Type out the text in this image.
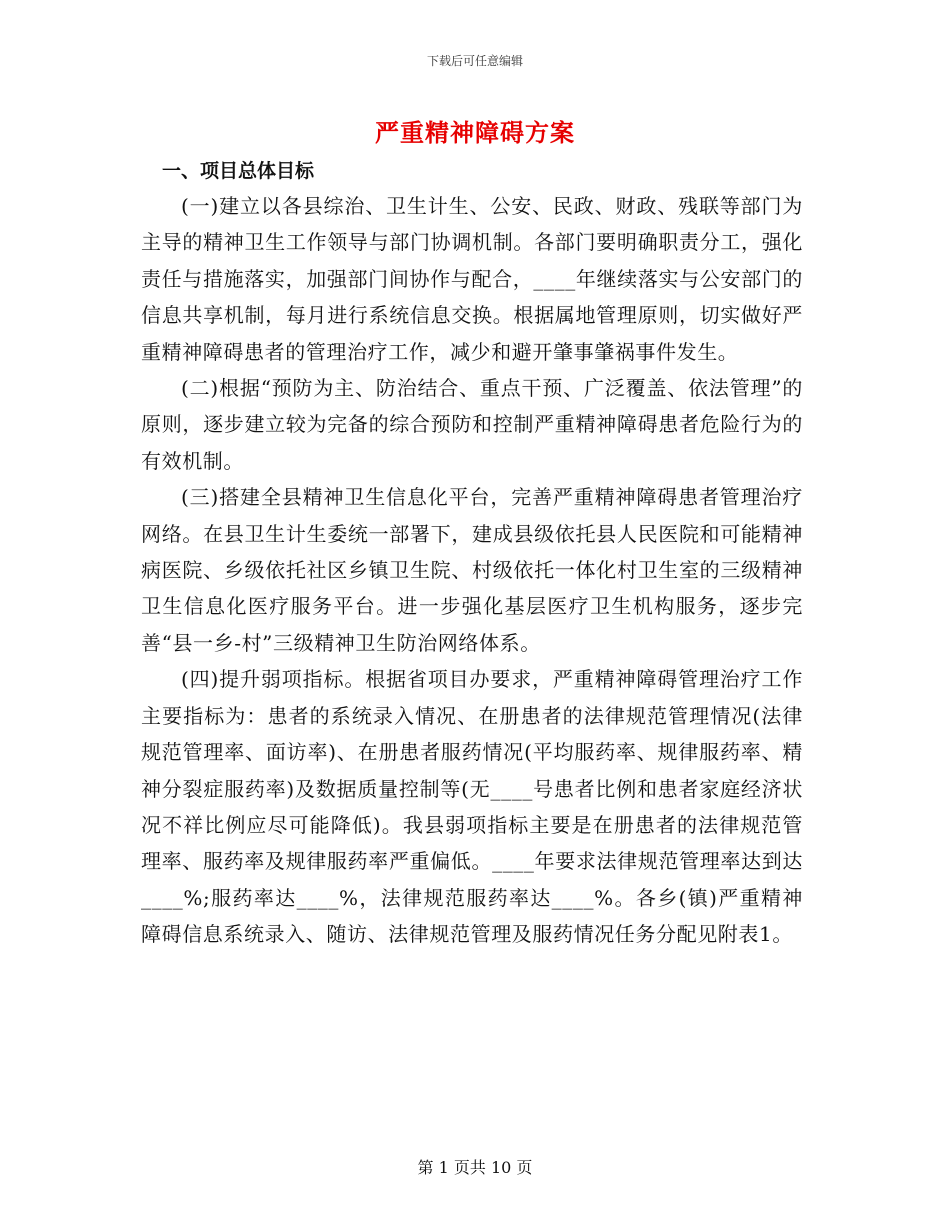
下载后可任意编辑
严重精神障碍方案
一、项目总体目标

(一)建立以各县综治、卫生计生、公安、民政、财政、残联等部门为主导的精神卫生工作领导与部门协调机制。各部门要明确职责分工，强化责任与措施落实，加强部门间协作与配合，____年继续落实与公安部门的信息共享机制，每月进行系统信息交换。根据属地管理原则，切实做好严重精神障碍患者的管理治疗工作，减少和避开肇事肇祸事件发生。

(二)根据“预防为主、防治结合、重点干预、广泛覆盖、依法管理”的原则，逐步建立较为完备的综合预防和控制严重精神障碍患者危险行为的有效机制。

(三)搭建全县精神卫生信息化平台，完善严重精神障碍患者管理治疗网络。在县卫生计生委统一部署下，建成县级依托县人民医院和可能精神病医院、乡级依托社区乡镇卫生院、村级依托一体化村卫生室的三级精神卫生信息化医疗服务平台。进一步强化基层医疗卫生机构服务，逐步完善“县一乡-村”三级精神卫生防治网络体系。

(四)提升弱项指标。根据省项目办要求，严重精神障碍管理治疗工作主要指标为：患者的系统录入情况、在册患者的法律规范管理情况(法律规范管理率、面访率)、在册患者服药情况(平均服药率、规律服药率、精神分裂症服药率)及数据质量控制等(无____号患者比例和患者家庭经济状况不祥比例应尽可能降低)。我县弱项指标主要是在册患者的法律规范管理率、服药率及规律服药率严重偏低。____年要求法律规范管理率达到达____%;服药率达____%，法律规范服药率达____%。各乡(镇)严重精神障碍信息系统录入、随访、法律规范管理及服药情况任务分配见附表1。

第 1 页共 10 页
